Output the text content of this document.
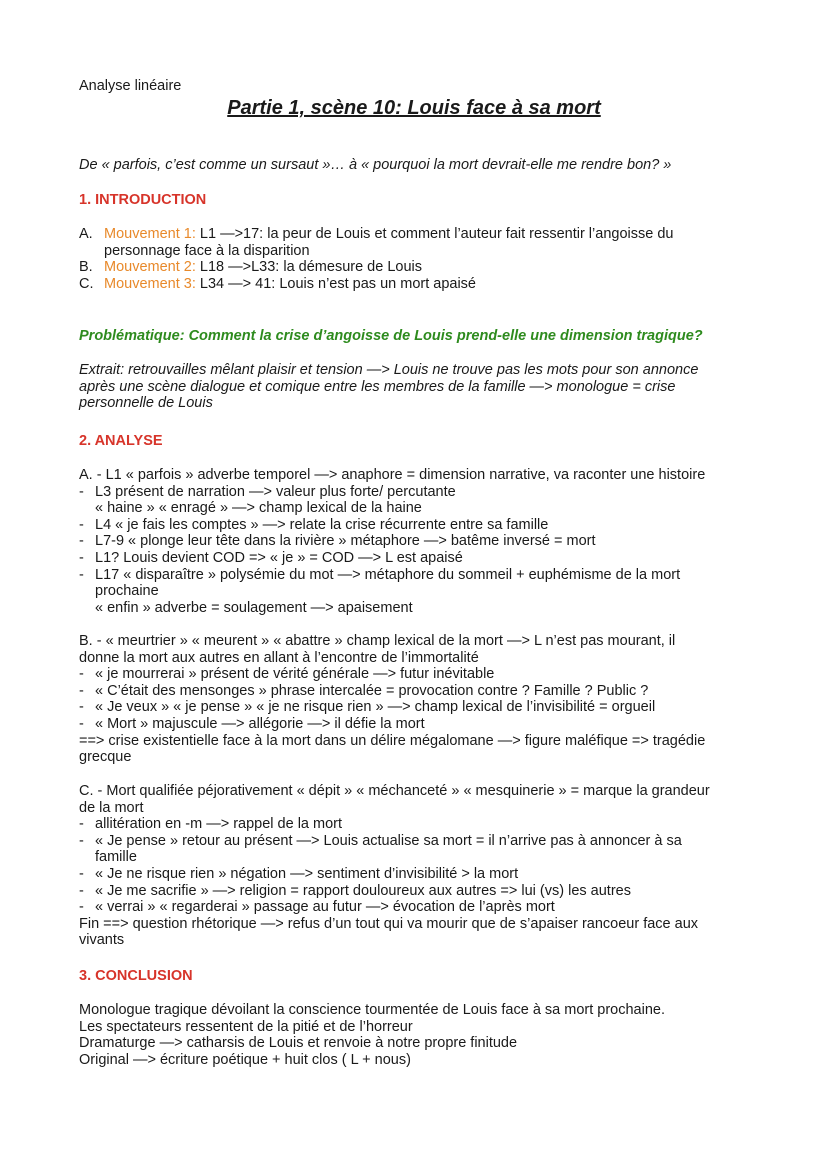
Analyse linéaire
Partie 1, scène 10: Louis face à sa mort
De « parfois, c’est comme un sursaut »… à « pourquoi la mort devrait-elle me rendre bon? »
1. INTRODUCTION
A. Mouvement 1: L1 —>17: la peur de Louis et comment l’auteur fait ressentir l’angoisse du
personnage face à la disparition
B. Mouvement 2: L18 —>L33: la démesure de Louis
C. Mouvement 3: L34 —> 41: Louis n’est pas un mort apaisé
Problématique: Comment la crise d’angoisse de Louis prend-elle une dimension tragique?
Extrait: retrouvailles mêlant plaisir et tension —> Louis ne trouve pas les mots pour son annonce
après une scène dialogue et comique entre les membres de la famille —> monologue = crise
personnelle de Louis
2. ANALYSE
A. - L1 « parfois » adverbe temporel —> anaphore = dimension narrative, va raconter une histoire
- L3 présent de narration —> valeur plus forte/ percutante
« haine » « enragé » —> champ lexical de la haine
- L4 « je fais les comptes » —> relate la crise récurrente entre sa famille
- L7-9 « plonge leur tête dans la rivière » métaphore —> batême inversé = mort
- L1? Louis devient COD => « je » = COD —> L est apaisé
- L17 « disparaître » polysémie du mot —> métaphore du sommeil + euphémisme de la mort
prochaine
« enfin » adverbe = soulagement —> apaisement
B. - « meurtrier » « meurent » « abattre » champ lexical de la mort —> L n’est pas mourant, il
donne la mort aux autres en allant à l’encontre de l’immortalité
- « je mourrerai » présent de vérité générale —> futur inévitable
- « C’était des mensonges » phrase intercalée = provocation contre ? Famille ? Public ?
- « Je veux » « je pense » « je ne risque rien » —> champ lexical de l’invisibilité = orgueil
- « Mort » majuscule —> allégorie —> il défie la mort
==> crise existentielle face à la mort dans un délire mégalomane —> figure maléfique => tragédie
grecque
C. - Mort qualifiée péjorativement « dépit » « méchanceté » « mesquinerie » = marque la grandeur
de la mort
- allitération en -m —> rappel de la mort
- « Je pense » retour au présent —> Louis actualise sa mort = il n’arrive pas à annoncer à sa
famille
- « Je ne risque rien » négation —> sentiment d’invisibilité > la mort
- « Je me sacrifie » —> religion = rapport douloureux aux autres => lui (vs) les autres
- « verrai » « regarderai » passage au futur —> évocation de l’après mort
Fin ==> question rhétorique —> refus d’un tout qui va mourir que de s’apaiser rancoeur face aux
vivants
3. CONCLUSION
Monologue tragique dévoilant la conscience tourmentée de Louis face à sa mort prochaine.
Les spectateurs ressentent de la pitié et de l’horreur
Dramaturge —> catharsis de Louis et renvoie à notre propre finitude
Original —> écriture poétique + huit clos ( L + nous)
